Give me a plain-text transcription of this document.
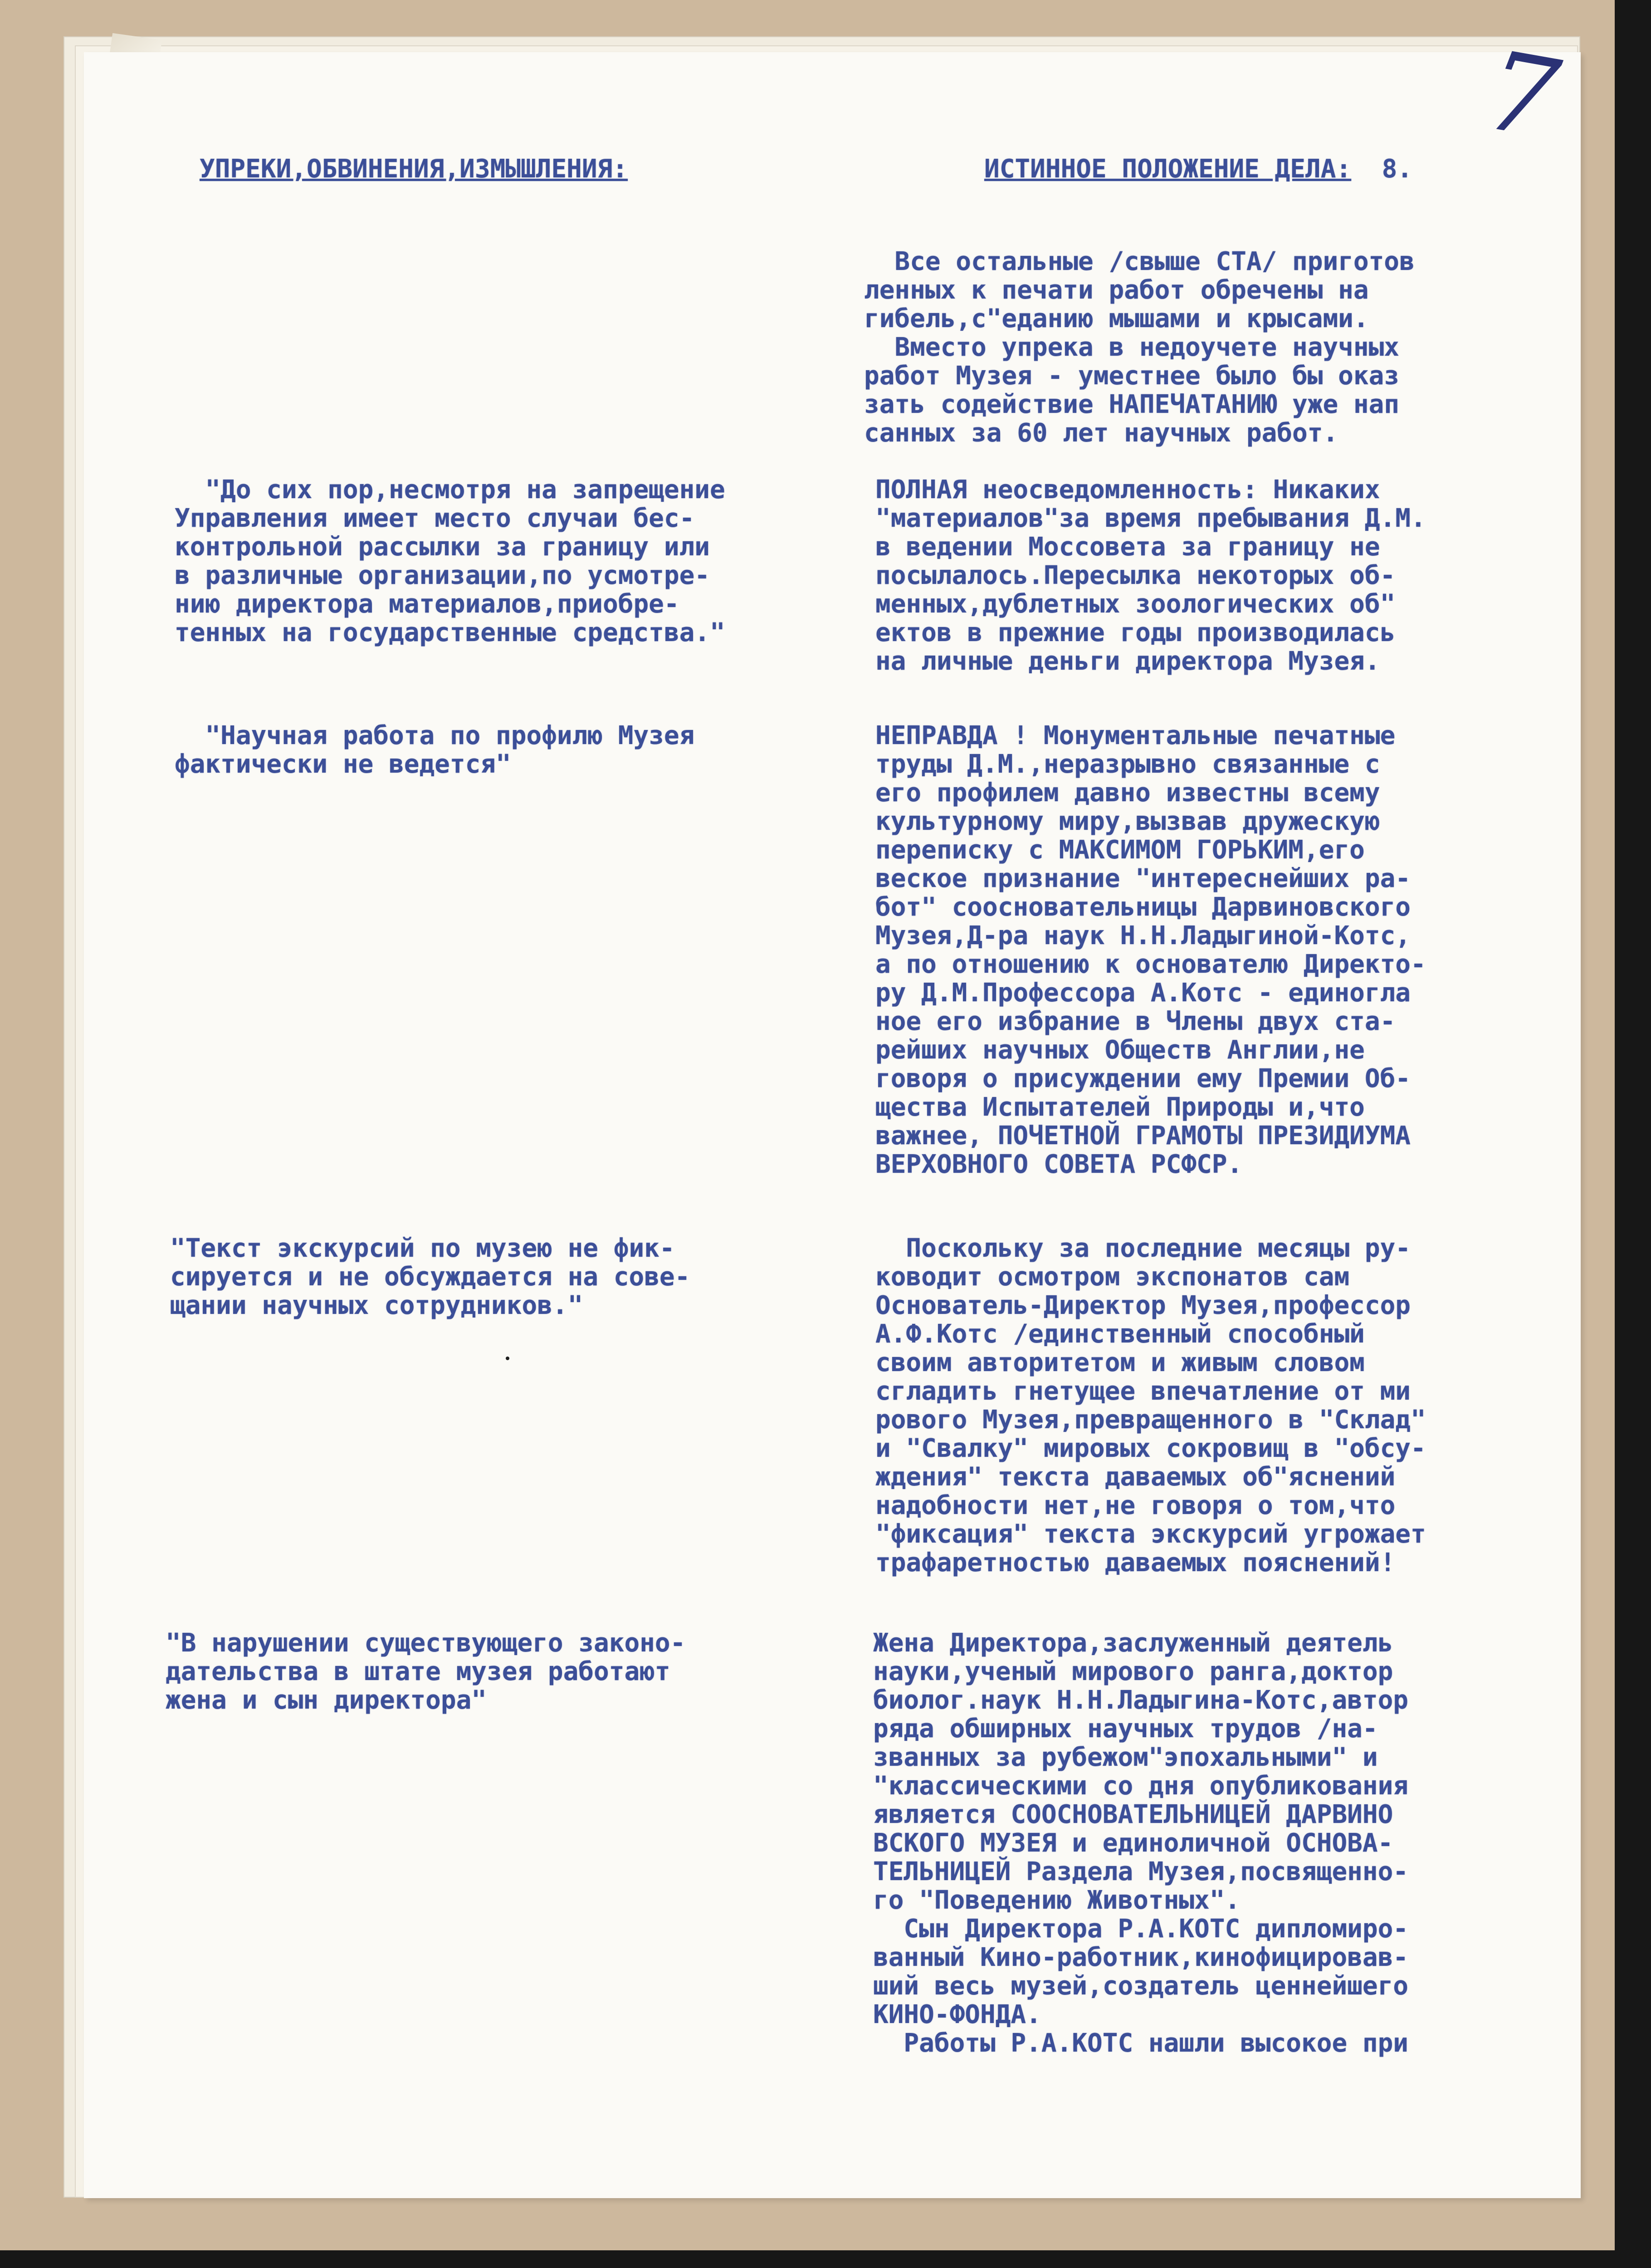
7

УПРЕКИ,ОБВИНЕНИЯ,ИЗМЫШЛЕНИЯ:	ИСТИННОЕ ПОЛОЖЕНИЕ ДЕЛА: 8.

Все остальные /свыше СТА/ приготов
ленных к печати работ обречены на
гибель,с"еданию мышами и крысами.
Вместо упрека в недоучете научных
работ Музея - уместнее было бы оказ
зать содействие НАПЕЧАТАНИЮ уже нап
санных за 60 лет научных работ.

"До сих пор,несмотря на запрещение
Управления имеет место случаи бес-
контрольной рассылки за границу или
в различные организации,по усмотре-
нию директора материалов,приобре-
тенных на государственные средства."

ПОЛНАЯ неосведомленность: Никаких
"материалов"за время пребывания Д.М.
в ведении Моссовета за границу не
посылалось.Пересылка некоторых об-
менных,дублетных зоологических об"
ектов в прежние годы производилась
на личные деньги директора Музея.

"Научная работа по профилю Музея
фактически не ведется"

НЕПРАВДА ! Монументальные печатные
труды Д.М.,неразрывно связанные с
его профилем давно известны всему
культурному миру,вызвав дружескую
переписку с МАКСИМОМ ГОРЬКИМ,его
веское признание "интереснейших ра-
бот" соосновательницы Дарвиновского
Музея,Д-ра наук Н.Н.Ладыгиной-Котс,
а по отношению к основателю Директо-
ру Д.М.Профессора А.Котс - единогла
ное его избрание в Члены двух ста-
рейших научных Обществ Англии,не
говоря о присуждении ему Премии Об-
щества Испытателей Природы и,что
важнее, ПОЧЕТНОЙ ГРАМОТЫ ПРЕЗИДИУМА
ВЕРХОВНОГО СОВЕТА РСФСР.

"Текст экскурсий по музею не фик-
сируется и не обсуждается на сове-
щании научных сотрудников."

Поскольку за последние месяцы ру-
ководит осмотром экспонатов сам
Основатель-Директор Музея,профессор
А.Ф.Котс /единственный способный
своим авторитетом и живым словом
сгладить гнетущее впечатление от ми
рового Музея,превращенного в "Склад"
и "Свалку" мировых сокровищ в "обсу-
ждения" текста даваемых об"яснений
надобности нет,не говоря о том,что
"фиксация" текста экскурсий угрожает
трафаретностью даваемых пояснений!

"В нарушении существующего законо-
дательства в штате музея работают
жена и сын директора"

Жена Директора,заслуженный деятель
науки,ученый мирового ранга,доктор
биолог.наук Н.Н.Ладыгина-Котс,автор
ряда обширных научных трудов /на-
званных за рубежом"эпохальными" и
"классическими со дня опубликования
является СООСНОВАТЕЛЬНИЦЕЙ ДАРВИНО
ВСКОГО МУЗЕЯ и единоличной ОСНОВА-
ТЕЛЬНИЦЕЙ Раздела Музея,посвященно-
го "Поведению Животных".
Сын Директора Р.А.КОТС дипломиро-
ванный Кино-работник,кинофицировав-
ший весь музей,создатель ценнейшего
КИНО-ФОНДА.
Работы Р.А.КОТС нашли высокое при
